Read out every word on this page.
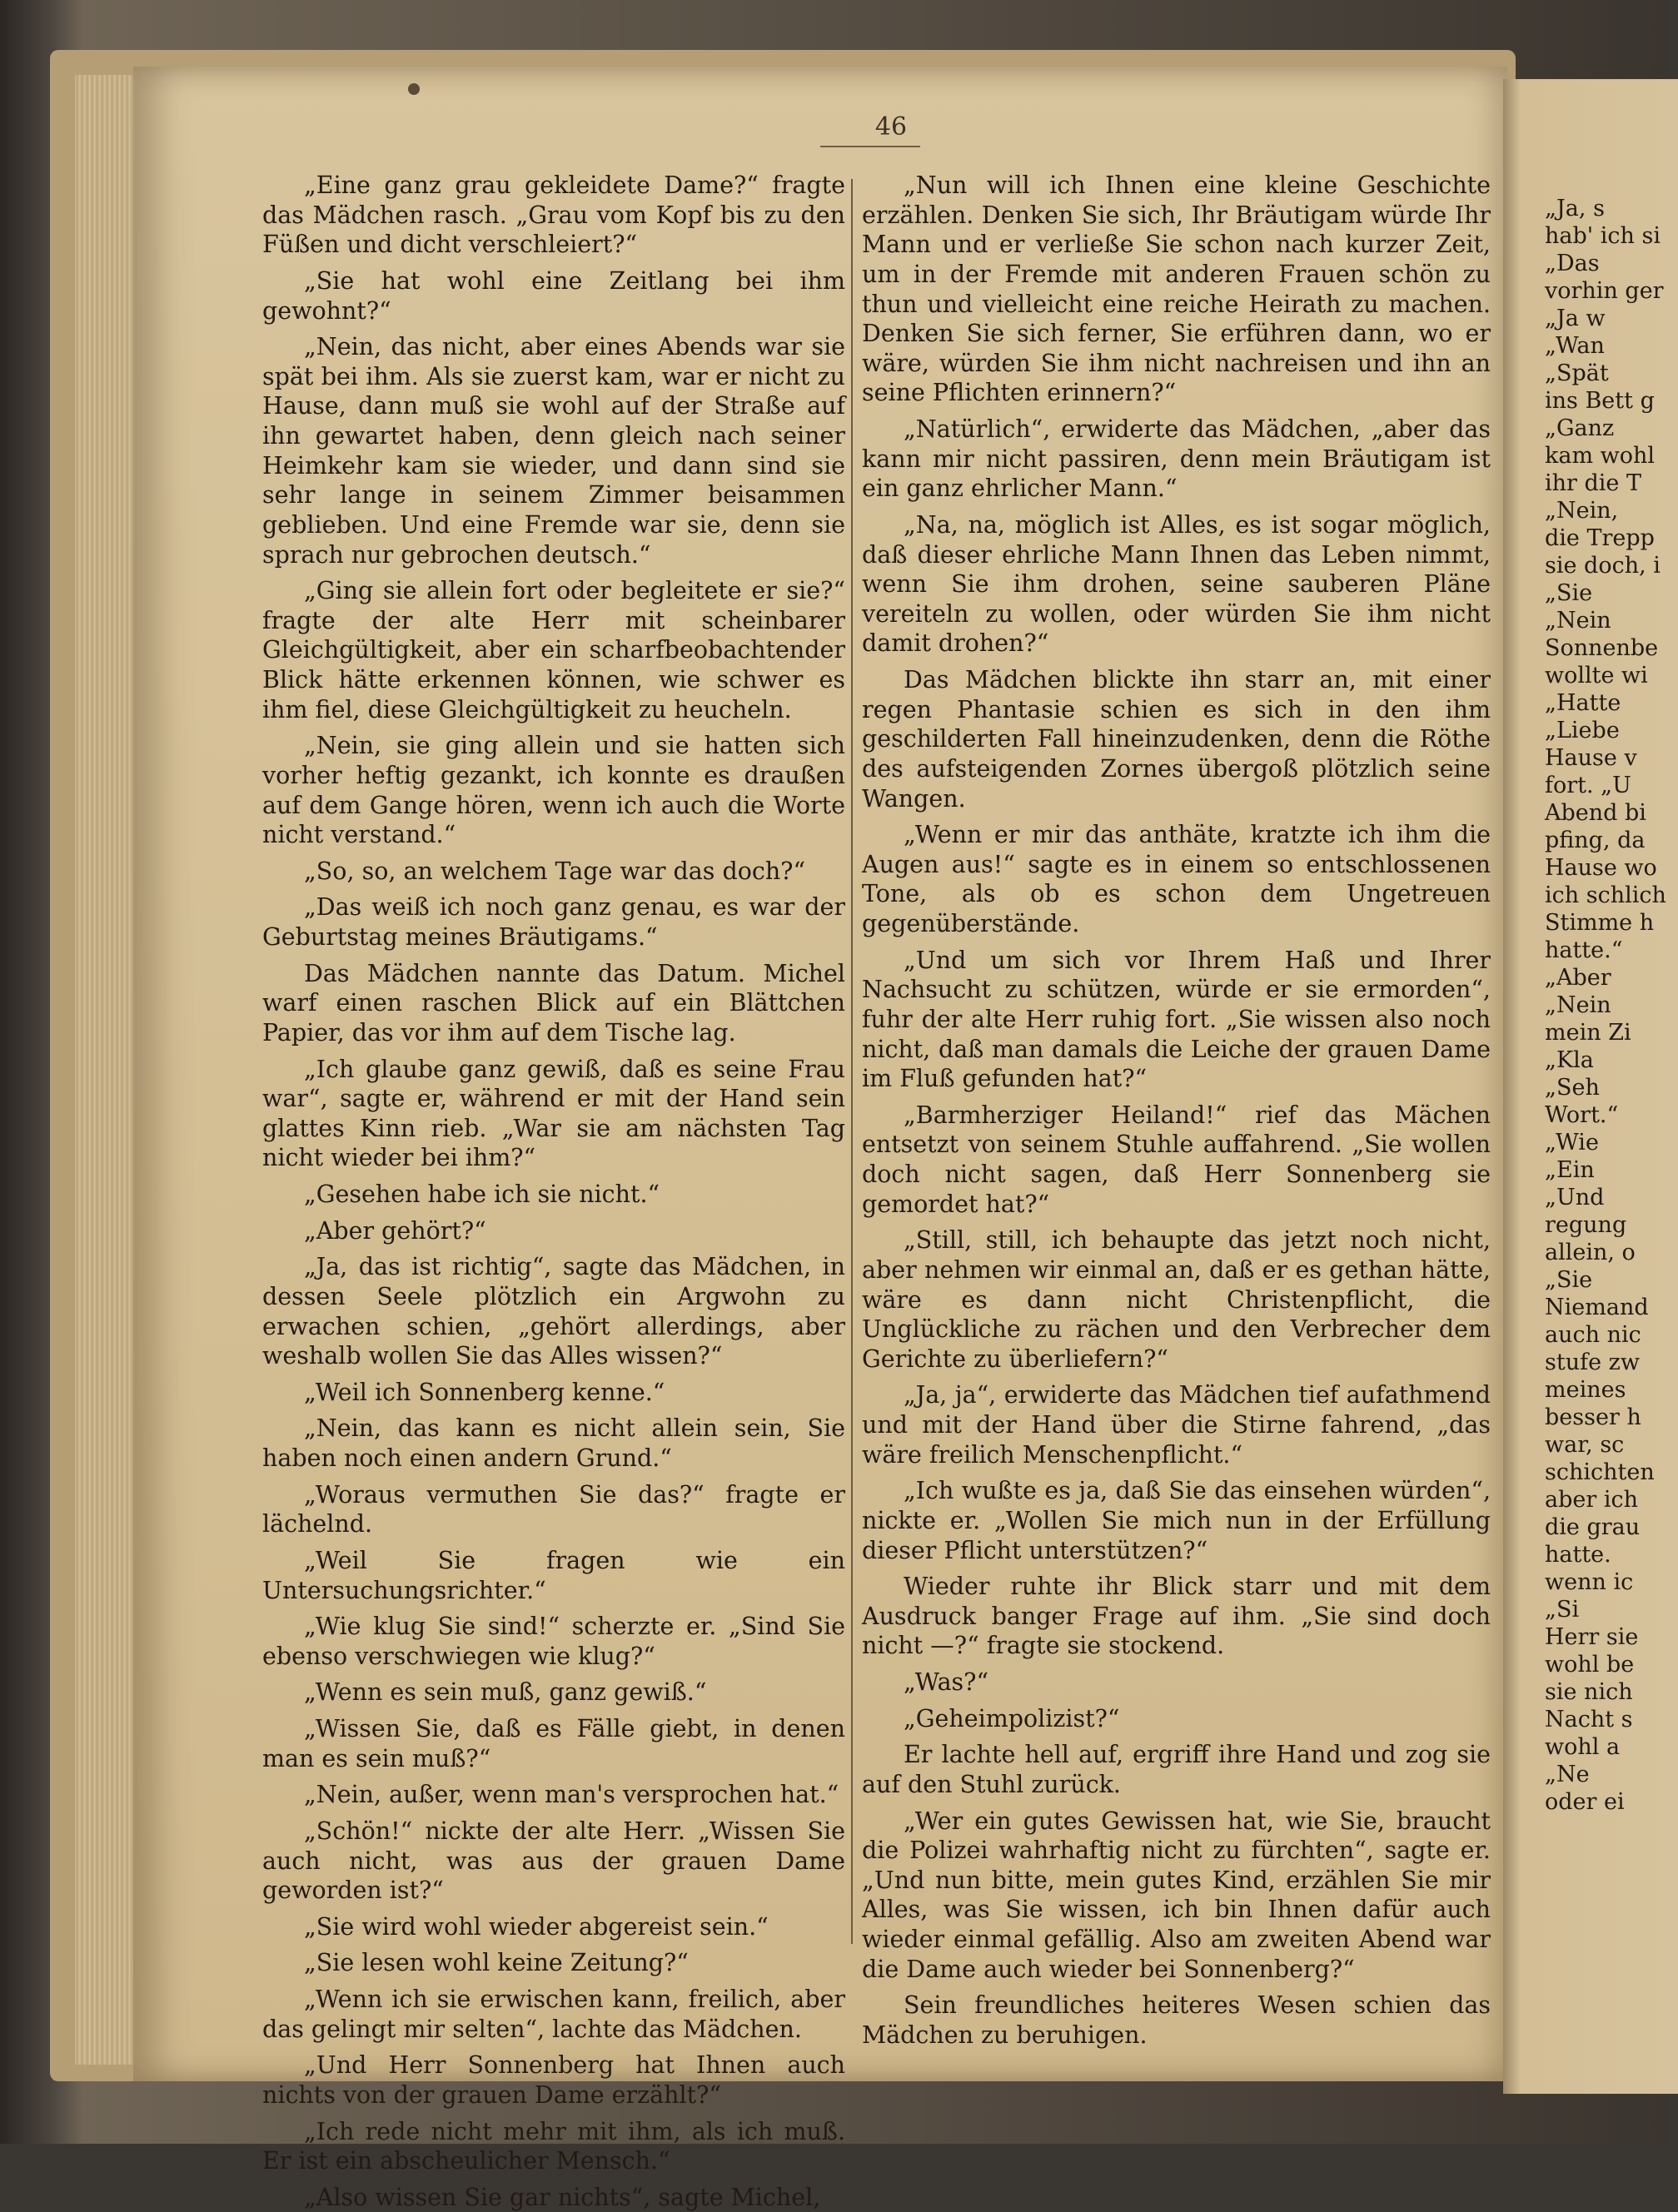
46

„Eine ganz grau gekleidete Dame?“ fragte das Mädchen rasch. „Grau vom Kopf bis zu den Füßen und dicht verschleiert?“

„Sie hat wohl eine Zeitlang bei ihm gewohnt?“

„Nein, das nicht, aber eines Abends war sie spät bei ihm. Als sie zuerst kam, war er nicht zu Hause, dann muß sie wohl auf der Straße auf ihn gewartet haben, denn gleich nach seiner Heimkehr kam sie wieder, und dann sind sie sehr lange in seinem Zimmer beisammen geblieben. Und eine Fremde war sie, denn sie sprach nur gebrochen deutsch.“

„Ging sie allein fort oder begleitete er sie?“ fragte der alte Herr mit scheinbarer Gleichgültigkeit, aber ein scharfbeobachtender Blick hätte erkennen können, wie schwer es ihm fiel, diese Gleichgültigkeit zu heucheln.

„Nein, sie ging allein und sie hatten sich vorher heftig gezankt, ich konnte es draußen auf dem Gange hören, wenn ich auch die Worte nicht verstand.“

„So, so, an welchem Tage war das doch?“

„Das weiß ich noch ganz genau, es war der Geburtstag meines Bräutigams.“

Das Mädchen nannte das Datum. Michel warf einen raschen Blick auf ein Blättchen Papier, das vor ihm auf dem Tische lag.

„Ich glaube ganz gewiß, daß es seine Frau war“, sagte er, während er mit der Hand sein glattes Kinn rieb. „War sie am nächsten Tag nicht wieder bei ihm?“

„Gesehen habe ich sie nicht.“

„Aber gehört?“

„Ja, das ist richtig“, sagte das Mädchen, in dessen Seele plötzlich ein Argwohn zu erwachen schien, „gehört allerdings, aber weshalb wollen Sie das Alles wissen?“

„Weil ich Sonnenberg kenne.“

„Nein, das kann es nicht allein sein, Sie haben noch einen andern Grund.“

„Woraus vermuthen Sie das?“ fragte er lächelnd.

„Weil Sie fragen wie ein Untersuchungsrichter.“

„Wie klug Sie sind!“ scherzte er. „Sind Sie ebenso verschwiegen wie klug?“

„Wenn es sein muß, ganz gewiß.“

„Wissen Sie, daß es Fälle giebt, in denen man es sein muß?“

„Nein, außer, wenn man's versprochen hat.“

„Schön!“ nickte der alte Herr. „Wissen Sie auch nicht, was aus der grauen Dame geworden ist?“

„Sie wird wohl wieder abgereist sein.“

„Sie lesen wohl keine Zeitung?“

„Wenn ich sie erwischen kann, freilich, aber das gelingt mir selten“, lachte das Mädchen.

„Und Herr Sonnenberg hat Ihnen auch nichts von der grauen Dame erzählt?“

„Ich rede nicht mehr mit ihm, als ich muß. Er ist ein abscheulicher Mensch.“

„Also wissen Sie gar nichts“, sagte Michel,

„Nun will ich Ihnen eine kleine Geschichte erzählen. Denken Sie sich, Ihr Bräutigam würde Ihr Mann und er verließe Sie schon nach kurzer Zeit, um in der Fremde mit anderen Frauen schön zu thun und vielleicht eine reiche Heirath zu machen. Denken Sie sich ferner, Sie erführen dann, wo er wäre, würden Sie ihm nicht nachreisen und ihn an seine Pflichten erinnern?“

„Natürlich“, erwiderte das Mädchen, „aber das kann mir nicht passiren, denn mein Bräutigam ist ein ganz ehrlicher Mann.“

„Na, na, möglich ist Alles, es ist sogar möglich, daß dieser ehrliche Mann Ihnen das Leben nimmt, wenn Sie ihm drohen, seine sauberen Pläne vereiteln zu wollen, oder würden Sie ihm nicht damit drohen?“

Das Mädchen blickte ihn starr an, mit einer regen Phantasie schien es sich in den ihm geschilderten Fall hineinzudenken, denn die Röthe des aufsteigenden Zornes übergoß plötzlich seine Wangen.

„Wenn er mir das anthäte, kratzte ich ihm die Augen aus!“ sagte es in einem so entschlossenen Tone, als ob es schon dem Ungetreuen gegenüberstände.

„Und um sich vor Ihrem Haß und Ihrer Nachsucht zu schützen, würde er sie ermorden“, fuhr der alte Herr ruhig fort. „Sie wissen also noch nicht, daß man damals die Leiche der grauen Dame im Fluß gefunden hat?“

„Barmherziger Heiland!“ rief das Mächen entsetzt von seinem Stuhle auffahrend. „Sie wollen doch nicht sagen, daß Herr Sonnenberg sie gemordet hat?“

„Still, still, ich behaupte das jetzt noch nicht, aber nehmen wir einmal an, daß er es gethan hätte, wäre es dann nicht Christenpflicht, die Unglückliche zu rächen und den Verbrecher dem Gerichte zu überliefern?“

„Ja, ja“, erwiderte das Mädchen tief aufathmend und mit der Hand über die Stirne fahrend, „das wäre freilich Menschenpflicht.“

„Ich wußte es ja, daß Sie das einsehen würden“, nickte er. „Wollen Sie mich nun in der Erfüllung dieser Pflicht unterstützen?“

Wieder ruhte ihr Blick starr und mit dem Ausdruck banger Frage auf ihm. „Sie sind doch nicht —?“ fragte sie stockend.

„Was?“

„Geheimpolizist?“

Er lachte hell auf, ergriff ihre Hand und zog sie auf den Stuhl zurück.

„Wer ein gutes Gewissen hat, wie Sie, braucht die Polizei wahrhaftig nicht zu fürchten“, sagte er. „Und nun bitte, mein gutes Kind, erzählen Sie mir Alles, was Sie wissen, ich bin Ihnen dafür auch wieder einmal gefällig. Also am zweiten Abend war die Dame auch wieder bei Sonnenberg?“

Sein freundliches heiteres Wesen schien das Mädchen zu beruhigen.

„Ja, s
hab' ich si
„Das
vorhin ger
„Ja w
„Wan
„Spät
ins Bett g
„Ganz
kam wohl
ihr die T
„Nein,
die Trepp
sie doch, i
„Sie
„Nein
Sonnenbe
wollte wi
„Hatte
„Liebe
Hause v
fort. „U
Abend bi
pfing, da
Hause wo
ich schlich
Stimme h
hatte.“
„Aber
„Nein
mein Zi
„Kla
„Seh
Wort.“
„Wie
„Ein
„Und
regung
allein, o
„Sie
Niemand
auch nic
stufe zw
meines
besser h
war, sc
schichten
aber ich
die grau
hatte.
wenn ic
„Si
Herr sie
wohl be
sie nich
Nacht s
wohl a
„Ne
oder ei
